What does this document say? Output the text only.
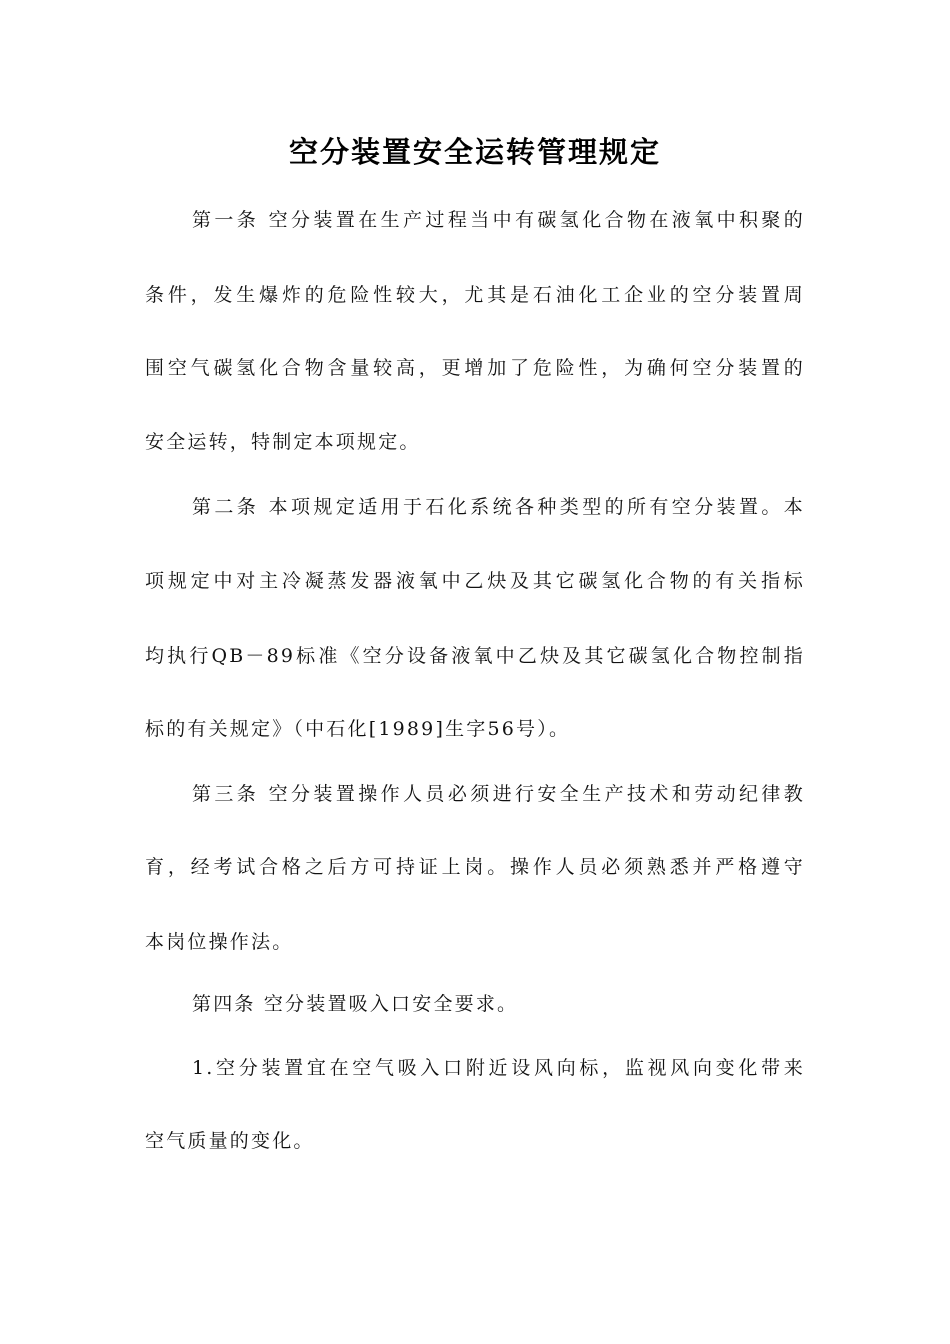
空分装置安全运转管理规定
第一条 空分装置在生产过程当中有碳氢化合物在液氧中积聚的
条件，发生爆炸的危险性较大，尤其是石油化工企业的空分装置周
围空气碳氢化合物含量较高，更增加了危险性，为确何空分装置的
安全运转，特制定本项规定。
第二条 本项规定适用于石化系统各种类型的所有空分装置。本
项规定中对主冷凝蒸发器液氧中乙炔及其它碳氢化合物的有关指标
均执行QB－89标准《空分设备液氧中乙炔及其它碳氢化合物控制指
标的有关规定》（中石化[1989]生字56号）。
第三条 空分装置操作人员必须进行安全生产技术和劳动纪律教
育，经考试合格之后方可持证上岗。操作人员必须熟悉并严格遵守
本岗位操作法。
第四条 空分装置吸入口安全要求。
1.空分装置宜在空气吸入口附近设风向标，监视风向变化带来
空气质量的变化。
